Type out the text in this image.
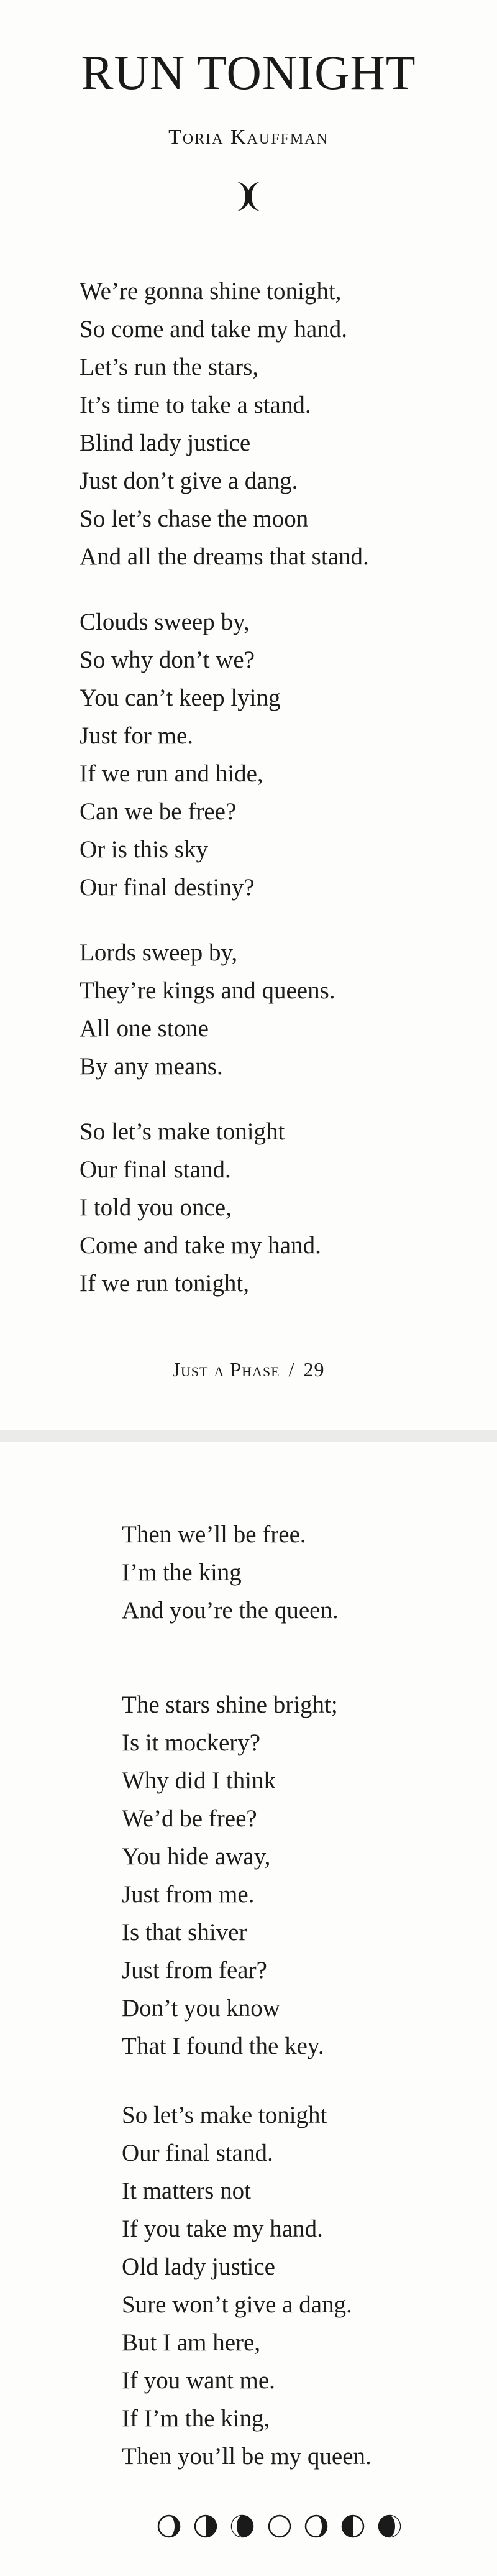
RUN TONIGHT
Toria Kauffman
We’re gonna shine tonight,
So come and take my hand.
Let’s run the stars,
It’s time to take a stand.
Blind lady justice
Just don’t give a dang.
So let’s chase the moon
And all the dreams that stand.
Clouds sweep by,
So why don’t we?
You can’t keep lying
Just for me.
If we run and hide,
Can we be free?
Or is this sky
Our final destiny?
Lords sweep by,
They’re kings and queens.
All one stone
By any means.
So let’s make tonight
Our final stand.
I told you once,
Come and take my hand.
If we run tonight,
Just a Phase / 29
Then we’ll be free.
I’m the king
And you’re the queen.
The stars shine bright;
Is it mockery?
Why did I think
We’d be free?
You hide away,
Just from me.
Is that shiver
Just from fear?
Don’t you know
That I found the key.
So let’s make tonight
Our final stand.
It matters not
If you take my hand.
Old lady justice
Sure won’t give a dang.
But I am here,
If you want me.
If I’m the king,
Then you’ll be my queen.
